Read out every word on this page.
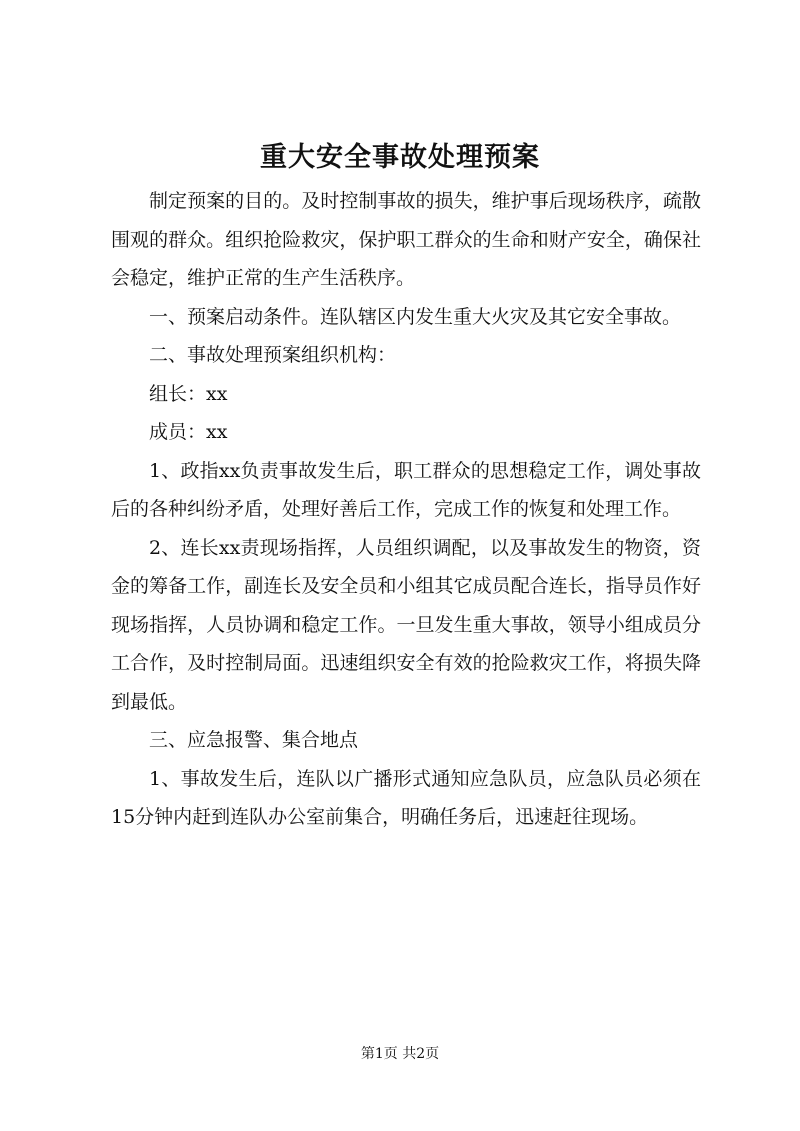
重大安全事故处理预案

制定预案的目的。及时控制事故的损失，维护事后现场秩序，疏散围观的群众。组织抢险救灾，保护职工群众的生命和财产安全，确保社会稳定，维护正常的生产生活秩序。

一、预案启动条件。连队辖区内发生重大火灾及其它安全事故。

二、事故处理预案组织机构：

组长：xx

成员：xx

1、政指xx负责事故发生后，职工群众的思想稳定工作，调处事故后的各种纠纷矛盾，处理好善后工作，完成工作的恢复和处理工作。

2、连长xx责现场指挥，人员组织调配，以及事故发生的物资，资金的筹备工作，副连长及安全员和小组其它成员配合连长，指导员作好现场指挥，人员协调和稳定工作。一旦发生重大事故，领导小组成员分工合作，及时控制局面。迅速组织安全有效的抢险救灾工作，将损失降到最低。

三、应急报警、集合地点

1、事故发生后，连队以广播形式通知应急队员，应急队员必须在15分钟内赶到连队办公室前集合，明确任务后，迅速赶往现场。

第1页 共2页
